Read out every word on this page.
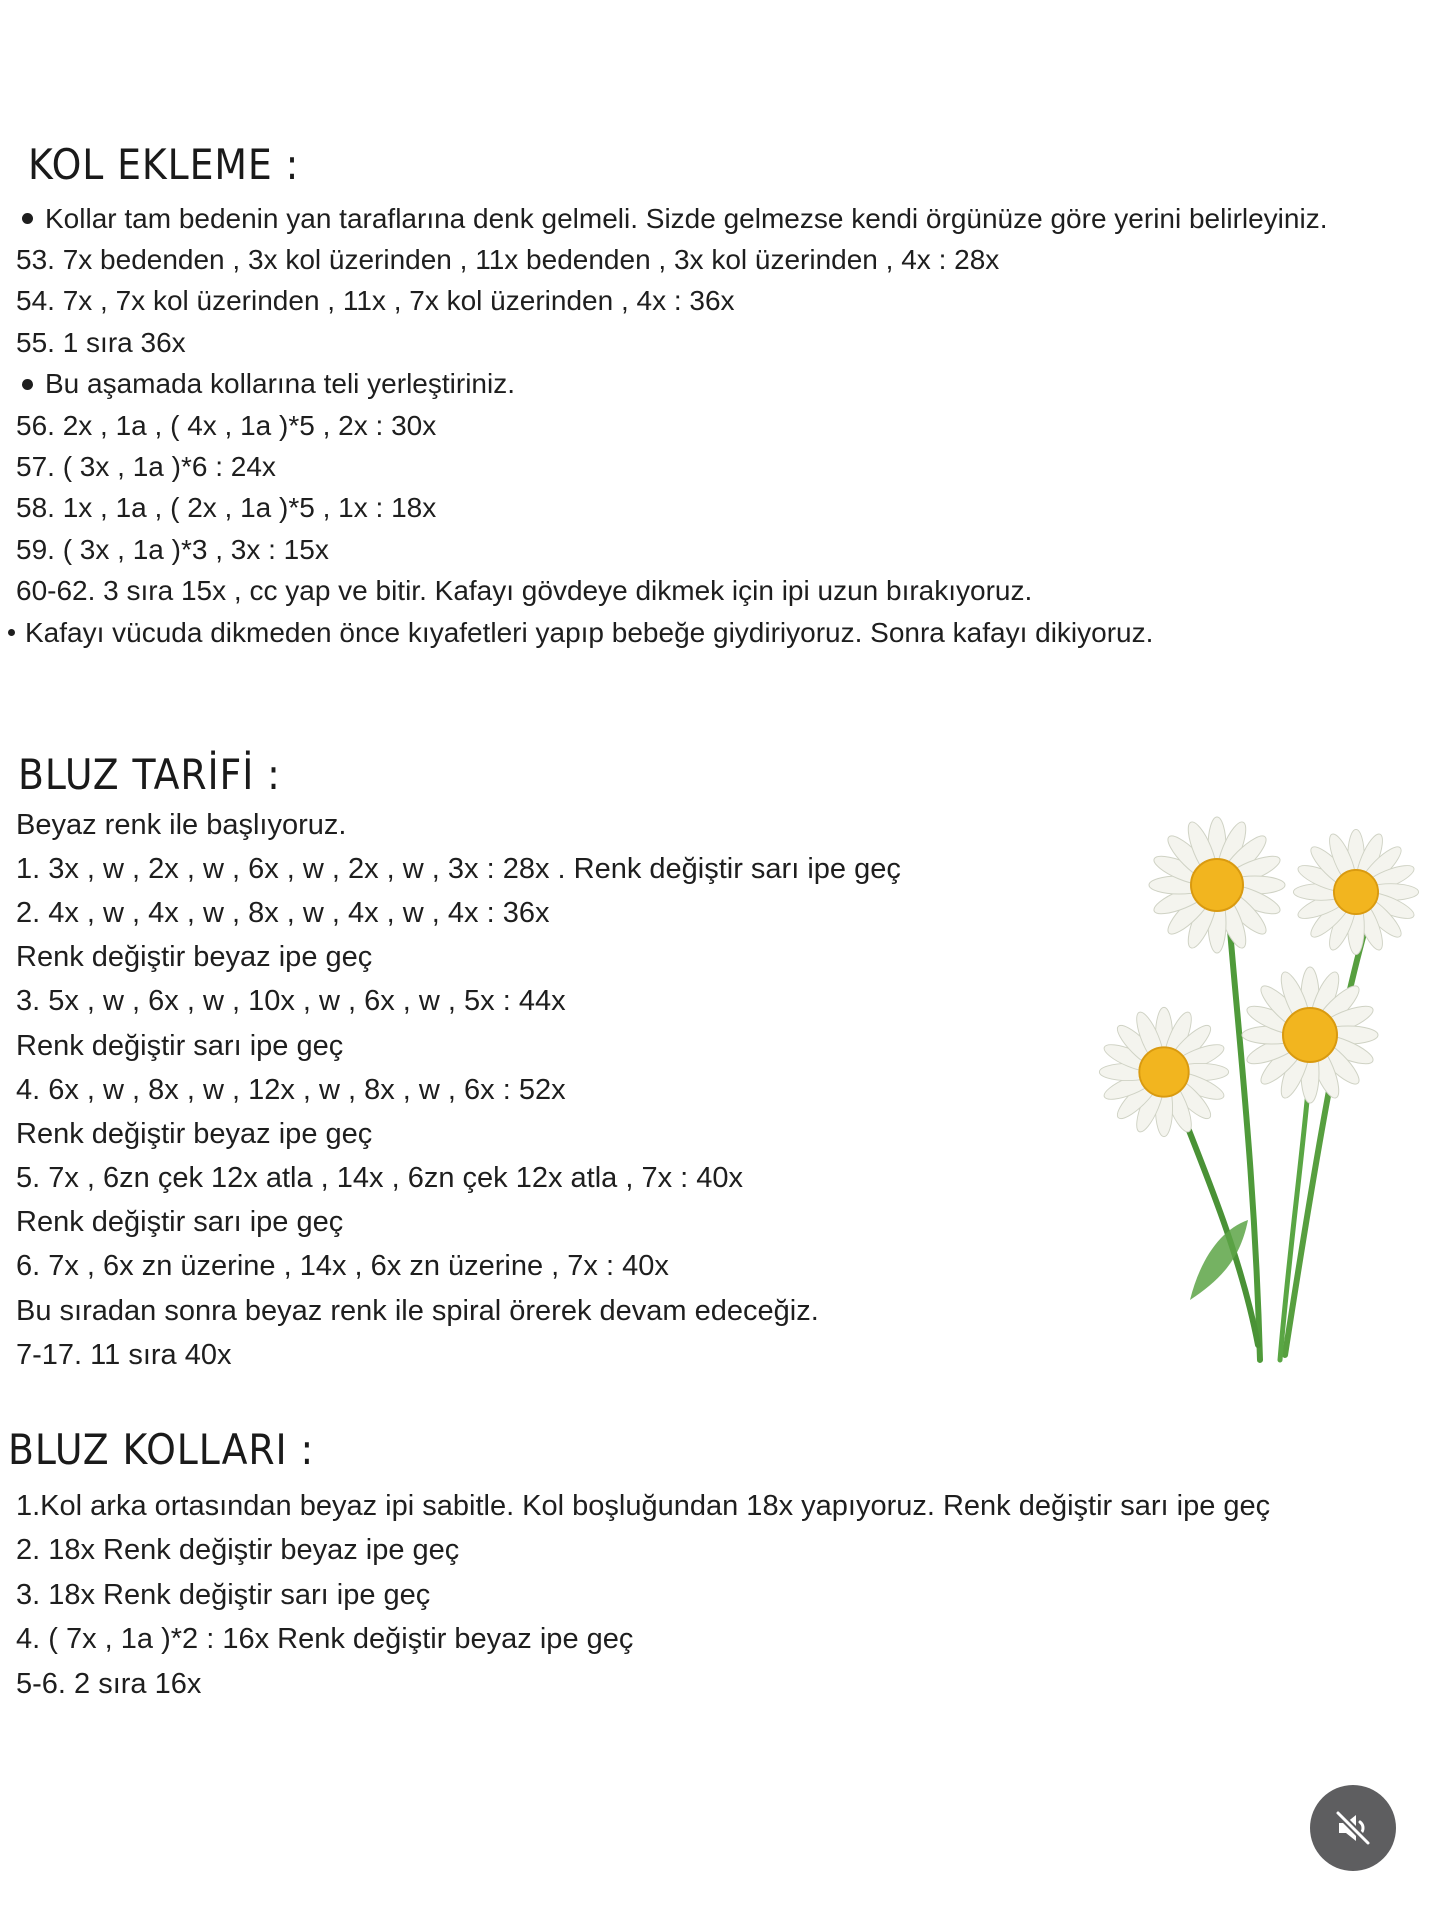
KOL EKLEME :
Kollar tam bedenin yan taraflarına denk gelmeli. Sizde gelmezse kendi örgünüze göre yerini belirleyiniz.
53. 7x bedenden , 3x kol üzerinden , 11x bedenden , 3x kol üzerinden , 4x : 28x
54. 7x , 7x kol üzerinden , 11x , 7x kol üzerinden , 4x : 36x
55. 1 sıra 36x
Bu aşamada kollarına teli yerleştiriniz.
56. 2x , 1a , ( 4x , 1a )*5 , 2x : 30x
57. ( 3x , 1a )*6 : 24x
58. 1x , 1a , ( 2x , 1a )*5 , 1x : 18x
59. ( 3x , 1a )*3 , 3x : 15x
60-62. 3 sıra 15x , cc yap ve bitir. Kafayı gövdeye dikmek için ipi uzun bırakıyoruz.
Kafayı vücuda dikmeden önce kıyafetleri yapıp bebeğe giydiriyoruz. Sonra kafayı dikiyoruz.
BLUZ TARİFİ :
Beyaz renk ile başlıyoruz.
1. 3x , w , 2x , w , 6x , w , 2x , w , 3x : 28x . Renk değiştir sarı ipe geç
2. 4x , w , 4x , w , 8x , w , 4x , w , 4x : 36x
Renk değiştir beyaz ipe geç
3. 5x , w , 6x , w , 10x , w , 6x , w , 5x : 44x
Renk değiştir sarı ipe geç
4. 6x , w , 8x , w , 12x , w , 8x , w , 6x : 52x
Renk değiştir beyaz ipe geç
5. 7x , 6zn çek 12x atla , 14x , 6zn çek 12x atla , 7x : 40x
Renk değiştir sarı ipe geç
6. 7x , 6x zn üzerine , 14x , 6x zn üzerine , 7x : 40x
Bu sıradan sonra beyaz renk ile spiral örerek devam edeceğiz.
7-17. 11 sıra 40x
BLUZ KOLLARI :
1.Kol arka ortasından beyaz ipi sabitle. Kol boşluğundan 18x yapıyoruz. Renk değiştir sarı ipe geç
2. 18x Renk değiştir beyaz ipe geç
3. 18x Renk değiştir sarı ipe geç
4. ( 7x , 1a )*2 : 16x Renk değiştir beyaz ipe geç
5-6. 2 sıra 16x
